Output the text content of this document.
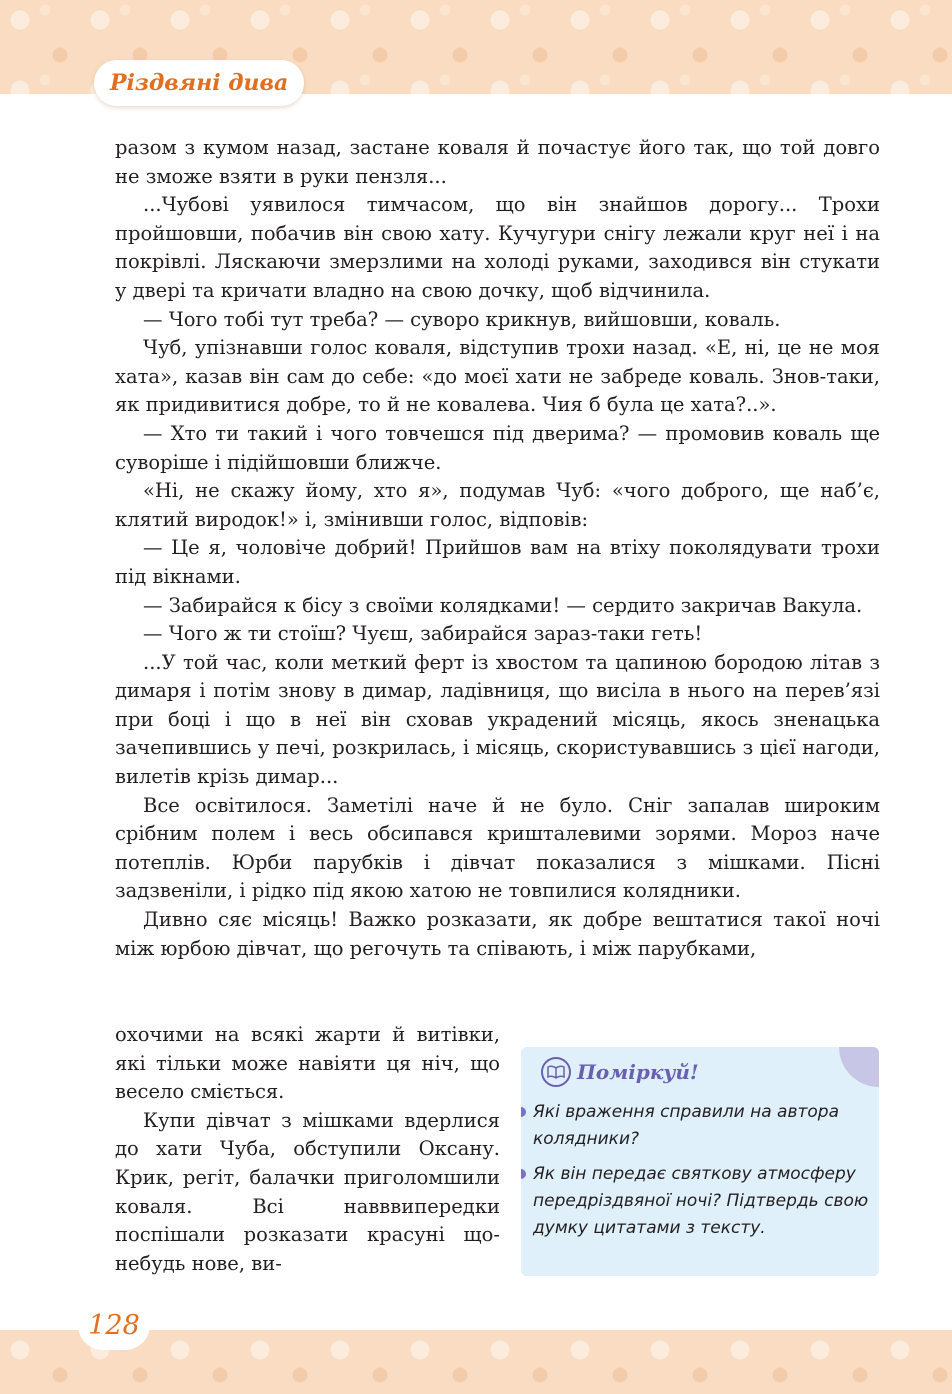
Різдвяні дива

разом з кумом назад, застане коваля й почастує його так, що той довго не зможе взяти в руки пензля...

...Чубові уявилося тимчасом, що він знайшов дорогу... Трохи пройшовши, побачив він свою хату. Кучугури снігу лежали круг неї і на покрівлі. Ляскаючи змерзлими на холоді руками, заходився він стукати у двері та кричати владно на свою дочку, щоб відчинила.

— Чого тобі тут треба? — суворо крикнув, вийшовши, коваль.

Чуб, упізнавши голос коваля, відступив трохи назад. «Е, ні, це не моя хата», казав він сам до себе: «до моєї хати не забреде коваль. Знов-таки, як придивитися добре, то й не ковалева. Чия б була це хата?..».

— Хто ти такий і чого товчешся під дверима? — промовив коваль ще суворіше і підійшовши ближче.

«Ні, не скажу йому, хто я», подумав Чуб: «чого доброго, ще наб’є, клятий виродок!» і, змінивши голос, відповів:

— Це я, чоловіче добрий! Прийшов вам на втіху поколядувати трохи під вікнами.

— Забирайся к бісу з своїми колядками! — сердито закричав Вакула.

— Чого ж ти стоїш? Чуєш, забирайся зараз-таки геть!

...У той час, коли меткий ферт із хвостом та цапиною бородою літав з димаря і потім знову в димар, ладівниця, що висіла в нього на перев’язі при боці і що в неї він сховав украдений місяць, якось зненацька зачепившись у печі, розкрилась, і місяць, скористувавшись з цієї нагоди, вилетів крізь димар...

Все освітилося. Заметілі наче й не було. Сніг запалав широким срібним полем і весь обсипався кришталевими зорями. Мороз наче потеплів. Юрби парубків і дівчат показалися з мішками. Пісні задзвеніли, і рідко під якою хатою не товпилися колядники.

Дивно сяє місяць! Важко розказати, як добре вештатися такої ночі між юрбою дівчат, що регочуть та співають, і між парубками,

охочими на всякі жарти й витівки, які тільки може навіяти ця ніч, що весело сміється.

Купи дівчат з мішками вдерлися до хати Чуба, обступили Оксану. Крик, регіт, балачки приголомшили коваля. Всі навввипередки поспішали розказати красуні що-небудь нове, ви-

Поміркуй!
Які враження справили на автора колядники?
Як він передає святкову атмосферу передріздвяної ночі? Підтвердь свою думку цитатами з тексту.
128
